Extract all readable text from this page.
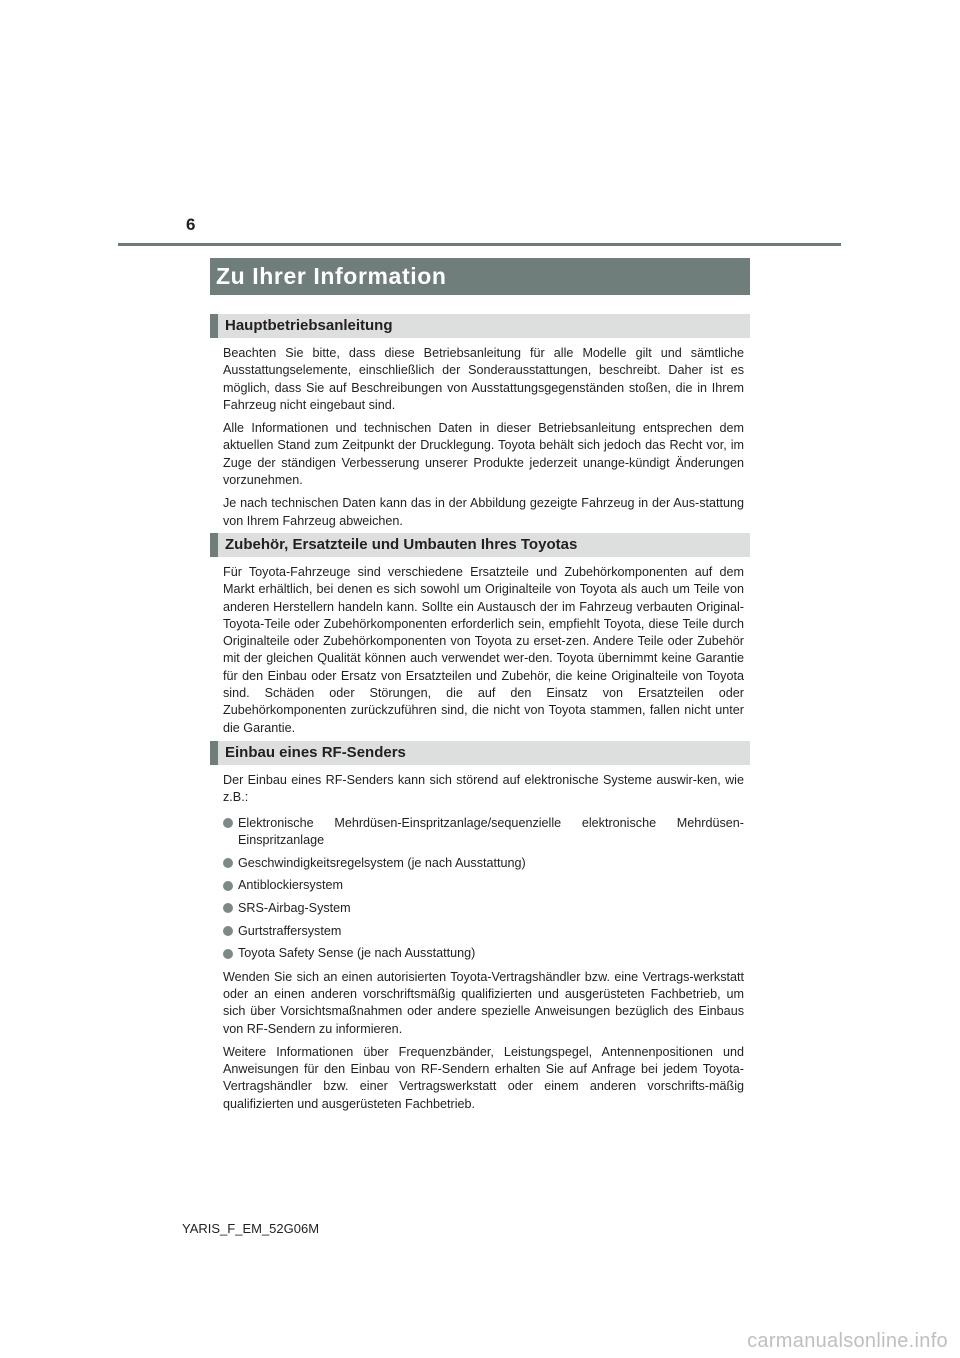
6
Zu Ihrer Information
Hauptbetriebsanleitung

Beachten Sie bitte, dass diese Betriebsanleitung für alle Modelle gilt und sämtliche Ausstattungselemente, einschließlich der Sonderausstattungen, beschreibt. Daher ist es möglich, dass Sie auf Beschreibungen von Ausstattungsgegenständen stoßen, die in Ihrem Fahrzeug nicht eingebaut sind.

Alle Informationen und technischen Daten in dieser Betriebsanleitung entsprechen dem aktuellen Stand zum Zeitpunkt der Drucklegung. Toyota behält sich jedoch das Recht vor, im Zuge der ständigen Verbesserung unserer Produkte jederzeit unange-kündigt Änderungen vorzunehmen.

Je nach technischen Daten kann das in der Abbildung gezeigte Fahrzeug in der Aus-stattung von Ihrem Fahrzeug abweichen.

Zubehör, Ersatzteile und Umbauten Ihres Toyotas

Für Toyota-Fahrzeuge sind verschiedene Ersatzteile und Zubehörkomponenten auf dem Markt erhältlich, bei denen es sich sowohl um Originalteile von Toyota als auch um Teile von anderen Herstellern handeln kann. Sollte ein Austausch der im Fahrzeug verbauten Original-Toyota-Teile oder Zubehörkomponenten erforderlich sein, empfiehlt Toyota, diese Teile durch Originalteile oder Zubehörkomponenten von Toyota zu erset-zen. Andere Teile oder Zubehör mit der gleichen Qualität können auch verwendet wer-den. Toyota übernimmt keine Garantie für den Einbau oder Ersatz von Ersatzteilen und Zubehör, die keine Originalteile von Toyota sind. Schäden oder Störungen, die auf den Einsatz von Ersatzteilen oder Zubehörkomponenten zurückzuführen sind, die nicht von Toyota stammen, fallen nicht unter die Garantie.

Einbau eines RF-Senders

Der Einbau eines RF-Senders kann sich störend auf elektronische Systeme auswir-ken, wie z.B.:

Elektronische Mehrdüsen-Einspritzanlage/sequenzielle elektronische Mehrdüsen-Einspritzanlage
Geschwindigkeitsregelsystem (je nach Ausstattung)
Antiblockiersystem
SRS-Airbag-System
Gurtstraffersystem
Toyota Safety Sense (je nach Ausstattung)

Wenden Sie sich an einen autorisierten Toyota-Vertragshändler bzw. eine Vertrags-werkstatt oder an einen anderen vorschriftsmäßig qualifizierten und ausgerüsteten Fachbetrieb, um sich über Vorsichtsmaßnahmen oder andere spezielle Anweisungen bezüglich des Einbaus von RF-Sendern zu informieren.

Weitere Informationen über Frequenzbänder, Leistungspegel, Antennenpositionen und Anweisungen für den Einbau von RF-Sendern erhalten Sie auf Anfrage bei jedem Toyota-Vertragshändler bzw. einer Vertragswerkstatt oder einem anderen vorschrifts-mäßig qualifizierten und ausgerüsteten Fachbetrieb.

YARIS_F_EM_52G06M
carmanualsonline.info
